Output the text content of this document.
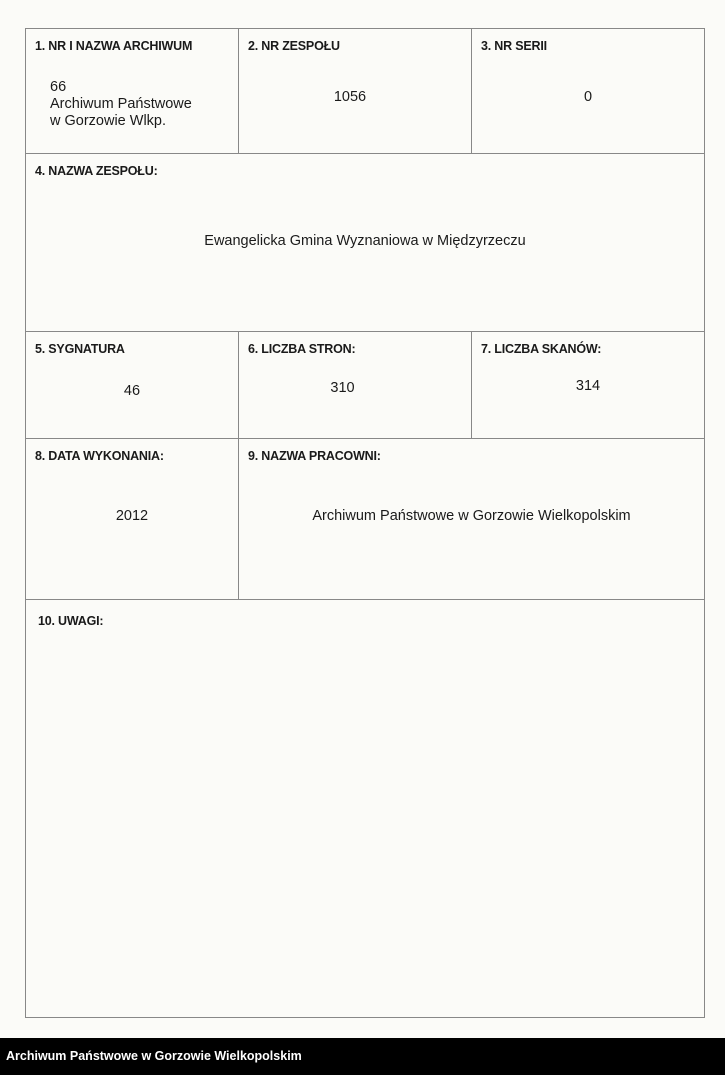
1. NR I NAZWA ARCHIWUM
66
Archiwum Państwowe
w Gorzowie Wlkp.
2. NR ZESPOŁU
1056
3. NR SERII
0
4. NAZWA ZESPOŁU:
Ewangelicka Gmina Wyznaniowa w Międzyrzeczu
5. SYGNATURA
46
6. LICZBA STRON:
310
7. LICZBA SKANÓW:
314
8. DATA WYKONANIA:
2012
9. NAZWA PRACOWNI:
Archiwum Państwowe w Gorzowie Wielkopolskim
10. UWAGI:
Archiwum Państwowe w Gorzowie Wielkopolskim
